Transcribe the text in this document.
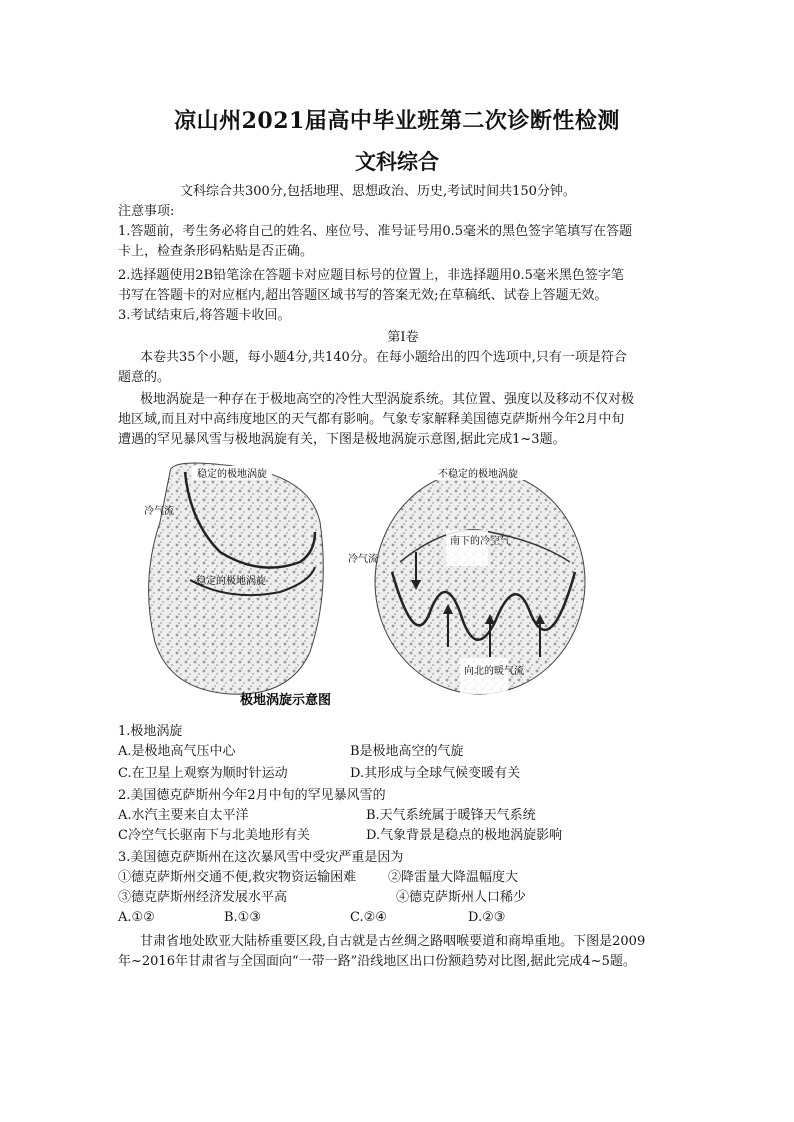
凉山州2021届高中毕业班第二次诊断性检测
文科综合
文科综合共300分,包括地理、思想政治、历史,考试时间共150分钟。
注意事项:
1.答题前，考生务必将自己的姓名、座位号、准号证号用0.5毫米的黑色签字笔填写在答题
卡上，检查条形码粘贴是否正确。
2.选择题使用2B铅笔涂在答题卡对应题目标号的位置上，非选择题用0.5毫米黑色签字笔
书写在答题卡的对应框内,超出答题区域书写的答案无效;在草稿纸、试卷上答题无效。
3.考试结束后,将答题卡收回。
第I卷
本卷共35个小题，每小题4分,共140分。在每小题给出的四个选项中,只有一项是符合
题意的。
极地涡旋是一种存在于极地高空的冷性大型涡旋系统。其位置、强度以及移动不仅对极
地区域,而且对中高纬度地区的天气都有影响。气象专家解释美国德克萨斯州今年2月中旬
遭遇的罕见暴风雪与极地涡旋有关，下图是极地涡旋示意图,据此完成1~3题。
稳定的极地涡旋
冷气流
稳定的极地涡旋
不稳定的极地涡旋
冷气流
南下的冷空气
向北的暖气流
极地涡旋示意图
1.极地涡旋
A.是极地高气压中心	B是极地高空的气旋
C.在卫星上观察为顺时针运动	D.其形成与全球气候变暖有关
2.美国德克萨斯州今年2月中旬的罕见暴风雪的
A.水汽主要来自太平洋	B.天气系统属于暖锋天气系统
C冷空气长驱南下与北美地形有关	D.气象背景是稳点的极地涡旋影响
3.美国德克萨斯州在这次暴风雪中受灾严重是因为
①德克萨斯州交通不便,救灾物资运输困难 ②降雷量大降温幅度大
③德克萨斯州经济发展水平高	④德克萨斯州人口稀少
A.①②	B.①③	C.②④	D.②③
甘肃省地处欧亚大陆桥重要区段,自古就是古丝绸之路咽喉要道和商埠重地。下图是2009
年~2016年甘肃省与全国面向“一带一路”沿线地区出口份额趋势对比图,据此完成4~5题。
